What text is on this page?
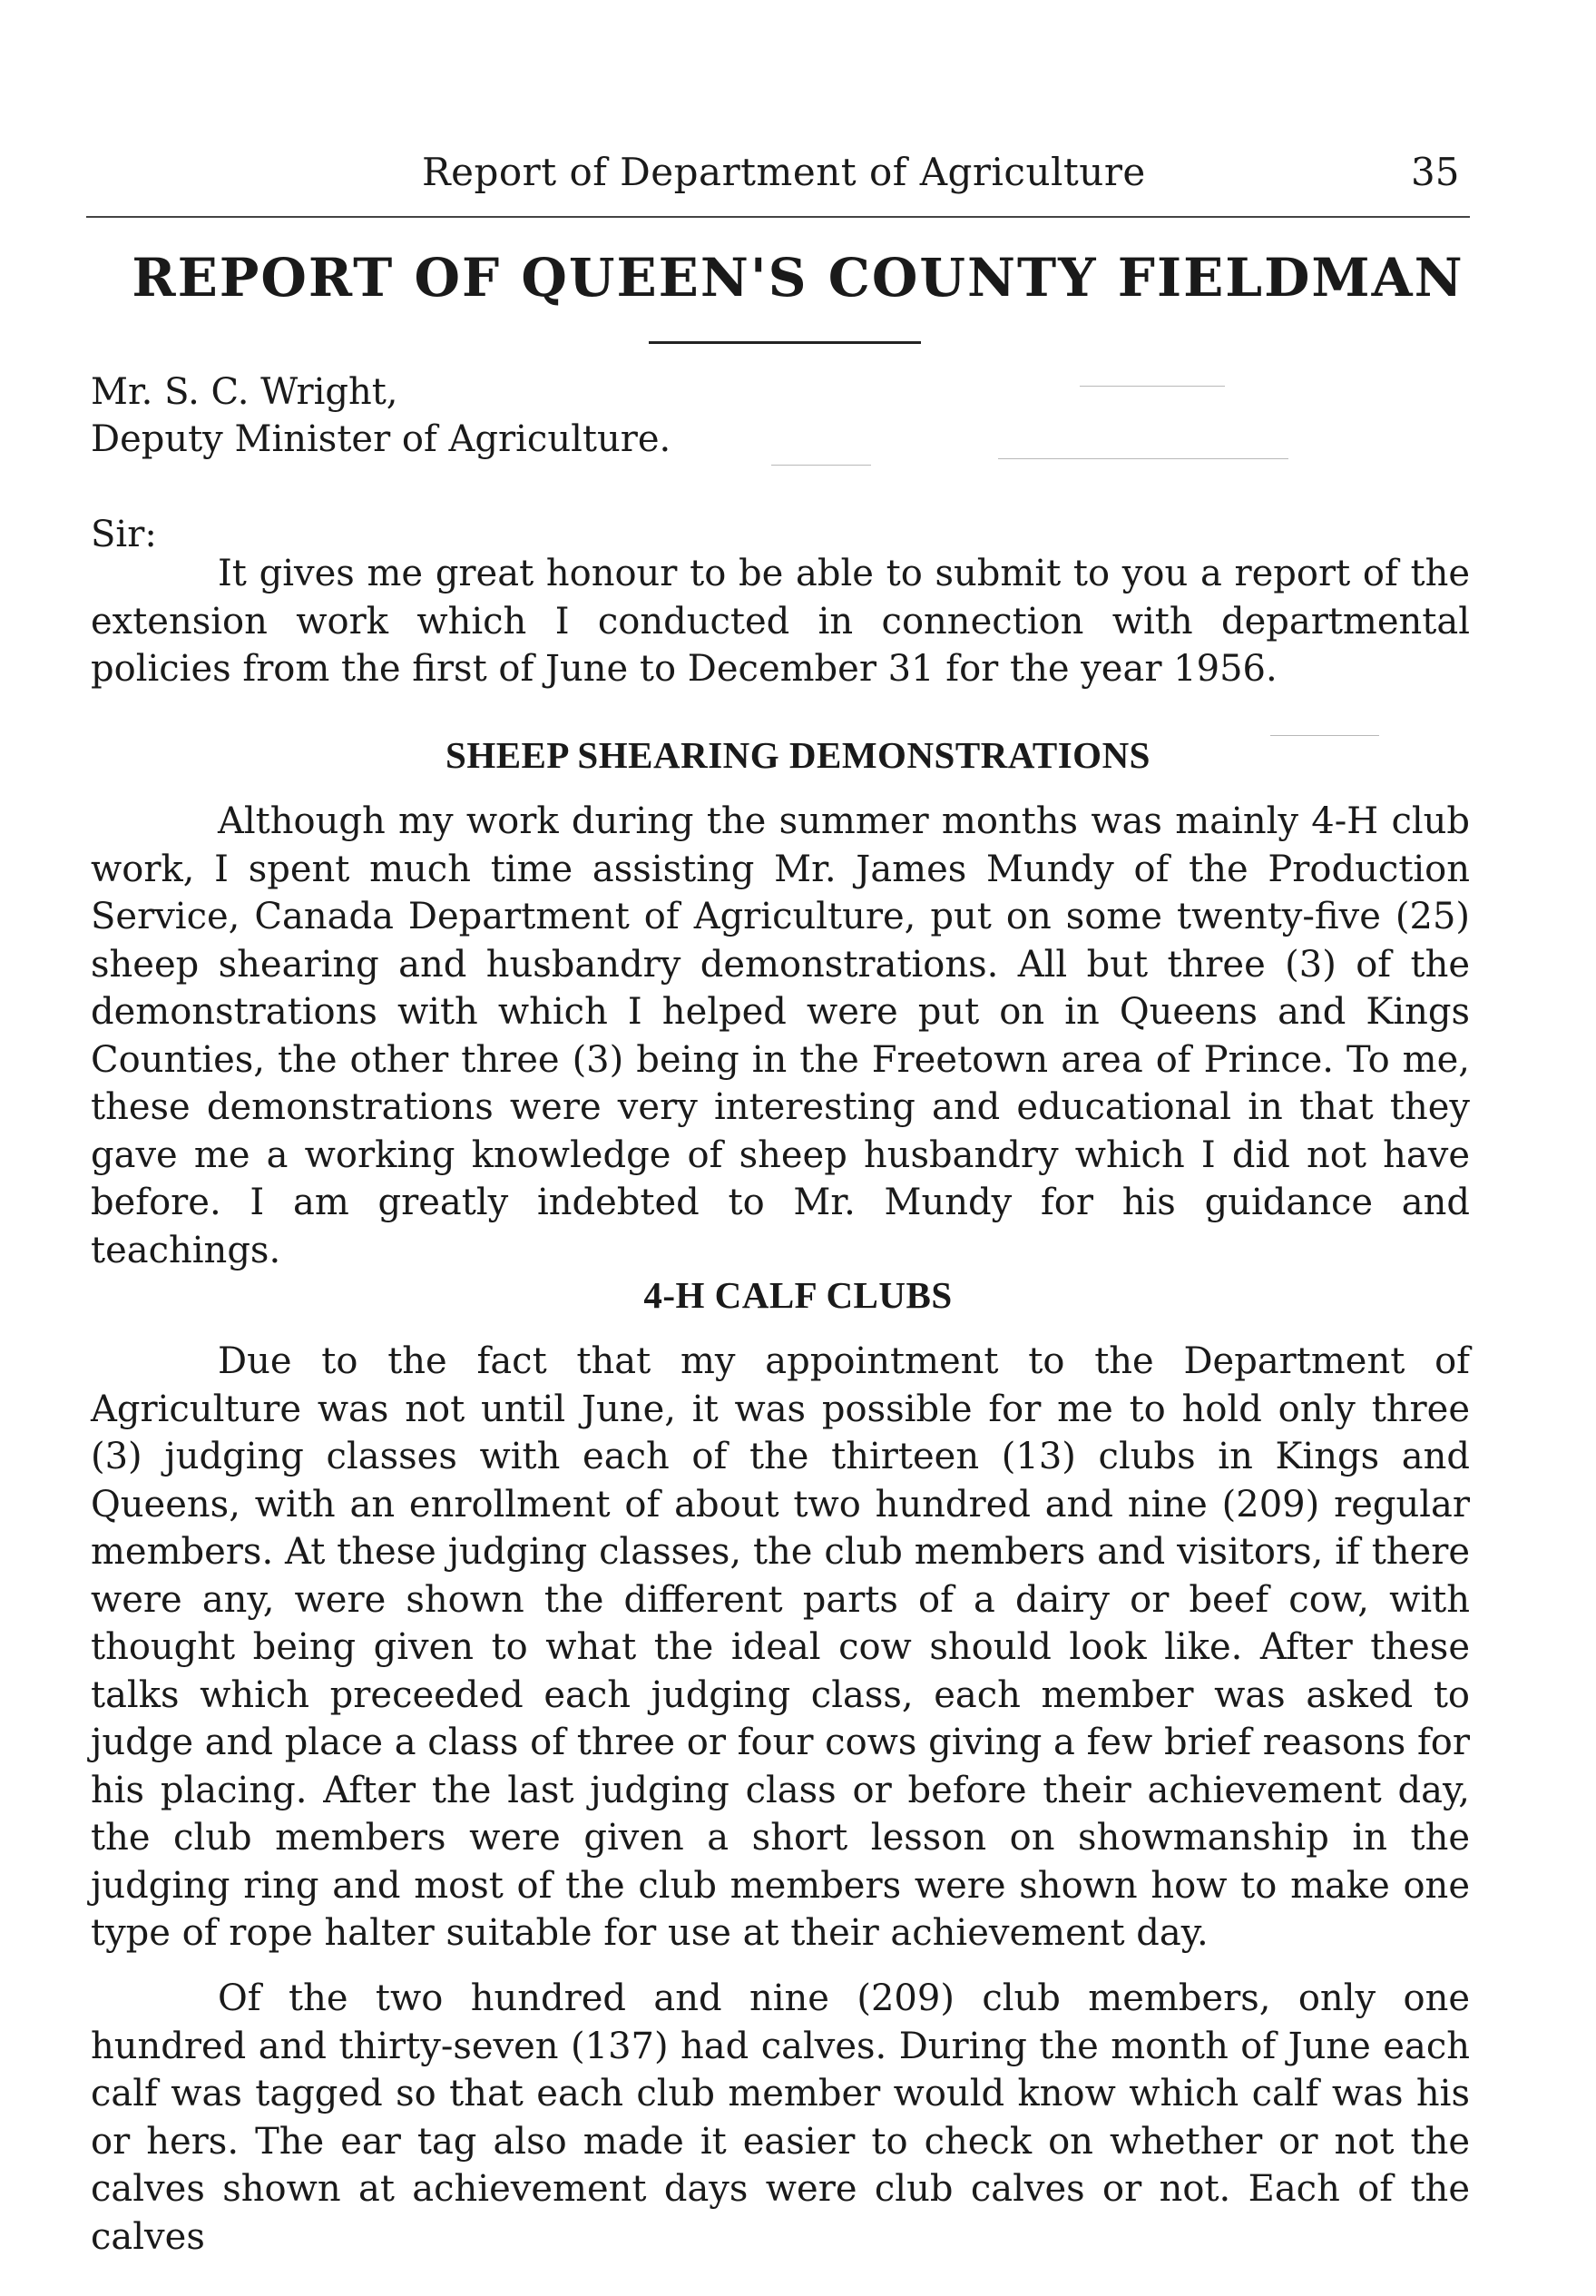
Report of Department of Agriculture	35
REPORT OF QUEEN'S COUNTY FIELDMAN
Mr. S. C. Wright,
Deputy Minister of Agriculture.
Sir:

It gives me great honour to be able to submit to you a report of the extension work which I conducted in connection with departmental policies from the first of June to December 31 for the year 1956.

SHEEP SHEARING DEMONSTRATIONS

Although my work during the summer months was mainly 4-H club work, I spent much time assisting Mr. James Mundy of the Production Service, Canada Department of Agriculture, put on some twenty-five (25) sheep shearing and husbandry demonstrations. All but three (3) of the demonstrations with which I helped were put on in Queens and Kings Counties, the other three (3) being in the Freetown area of Prince. To me, these demonstrations were very interesting and educational in that they gave me a working knowledge of sheep husbandry which I did not have before. I am greatly indebted to Mr. Mundy for his guidance and teachings.

4-H CALF CLUBS

Due to the fact that my appointment to the Department of Agriculture was not until June, it was possible for me to hold only three (3) judging classes with each of the thirteen (13) clubs in Kings and Queens, with an enrollment of about two hundred and nine (209) regular members. At these judging classes, the club members and visitors, if there were any, were shown the different parts of a dairy or beef cow, with thought being given to what the ideal cow should look like. After these talks which preceeded each judging class, each member was asked to judge and place a class of three or four cows giving a few brief reasons for his placing. After the last judging class or before their achievement day, the club members were given a short lesson on showmanship in the judging ring and most of the club members were shown how to make one type of rope halter suitable for use at their achievement day.

Of the two hundred and nine (209) club members, only one hundred and thirty-seven (137) had calves. During the month of June each calf was tagged so that each club member would know which calf was his or hers. The ear tag also made it easier to check on whether or not the calves shown at achievement days were club calves or not. Each of the calves
